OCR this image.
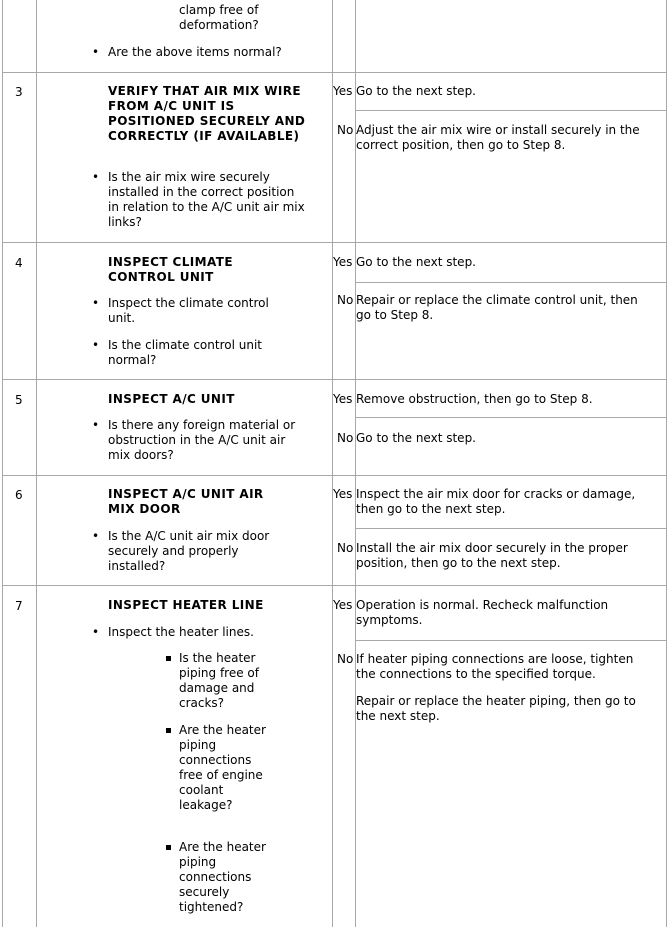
clamp free of deformation?
• Are the above items normal?
3	VERIFY THAT AIR MIX WIRE FROM A/C UNIT IS POSITIONED SECURELY AND CORRECTLY (IF AVAILABLE)
• Is the air mix wire securely installed in the correct position in relation to the A/C unit air mix links?
Yes Go to the next step.
No Adjust the air mix wire or install securely in the correct position, then go to Step 8.
4	INSPECT CLIMATE CONTROL UNIT
• Inspect the climate control unit.
• Is the climate control unit normal?
Yes Go to the next step.
No Repair or replace the climate control unit, then go to Step 8.
5	INSPECT A/C UNIT
• Is there any foreign material or obstruction in the A/C unit air mix doors?
Yes Remove obstruction, then go to Step 8.
No Go to the next step.
6	INSPECT A/C UNIT AIR MIX DOOR
• Is the A/C unit air mix door securely and properly installed?
Yes Inspect the air mix door for cracks or damage, then go to the next step.
No Install the air mix door securely in the proper position, then go to the next step.
7	INSPECT HEATER LINE
• Inspect the heater lines.
Is the heater piping free of damage and cracks?
Are the heater piping connections free of engine coolant leakage?
Are the heater piping connections securely tightened?
Yes Operation is normal. Recheck malfunction symptoms.
No If heater piping connections are loose, tighten the connections to the specified torque.
Repair or replace the heater piping, then go to the next step.
